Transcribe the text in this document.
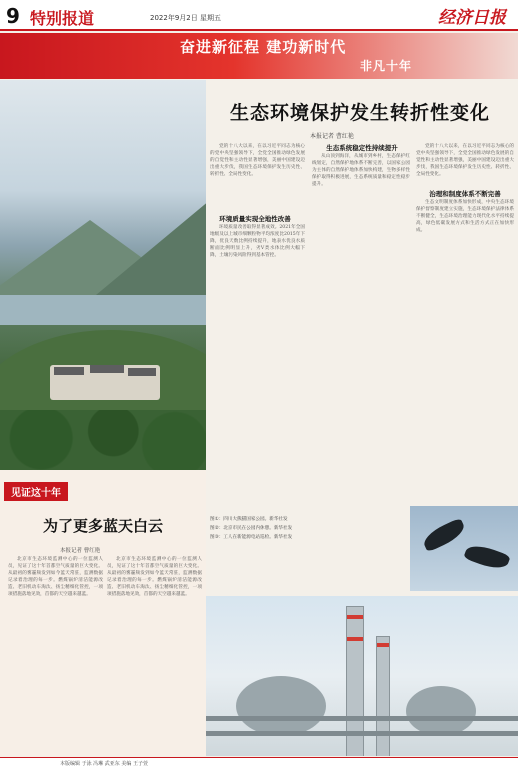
9 特别报道	2022年9月2日 星期五	经济日报
奋进新征程 建功新时代
非凡十年
生态环境保护发生转折性变化
本报记者 曹红艳
环境质量实现全地性改善

党的十八大以来，在以习近平同志为核心的党中央坚强领导下，全党全国推动绿色发展的自觉性和主动性显著增强，美丽中国建设迈出重大步伐，我国生态环境保护发生历史性、转折性、全局性变化。

环境质量改善取得显著成效。2021年全国地级及以上城市细颗粒物平均浓度比2015年下降，优良天数比例持续提升，地表水优良水质断面比例明显上升，劣Ⅴ类水体比例大幅下降，土壤污染风险得到基本管控。

生态系统稳定性持续提升

从山顶到海洋，从城市到乡村，生态保护红线划定，自然保护地体系不断完善，以国家公园为主体的自然保护地体系加快构建，生物多样性保护取得积极进展，生态系统质量和稳定性稳步提升。

治理和制度体系不断完善

党的十八大以来，在以习近平同志为核心的党中央坚强领导下，全党全国推动绿色发展的自觉性和主动性显著增强，美丽中国建设迈出重大步伐，我国生态环境保护发生历史性、转折性、全局性变化。

生态文明制度体系加快形成，中央生态环境保护督察制度建立实施，生态环境保护法律体系不断健全，生态环境治理能力现代化水平持续提高，绿色低碳发展方式和生活方式正在加快形成。

见证这十年
为了更多蓝天白云
本报记者 曹红艳

北京市生态环境监测中心的一位监测人员，见证了这十年首都空气质量的巨大变化。从最初的雾霾频发到如今蓝天常驻，监测数据记录着治理的每一步。燃煤锅炉清洁能源改造、老旧机动车淘汰、扬尘精细化管控，一项项措施落地见效，首都的天空越来越蓝。

北京市生态环境监测中心的一位监测人员，见证了这十年首都空气质量的巨大变化。从最初的雾霾频发到如今蓝天常驻，监测数据记录着治理的每一步。燃煤锅炉清洁能源改造、老旧机动车淘汰、扬尘精细化管控，一项项措施落地见效，首都的天空越来越蓝。

图①：四川大熊猫国家公园。新华社发
图②：北京市民在公园内休憩。新华社发
图③：工人在新能源电站巡检。新华社发
本版编辑 于泳 冯琳 武亚东 美编 王子萱
